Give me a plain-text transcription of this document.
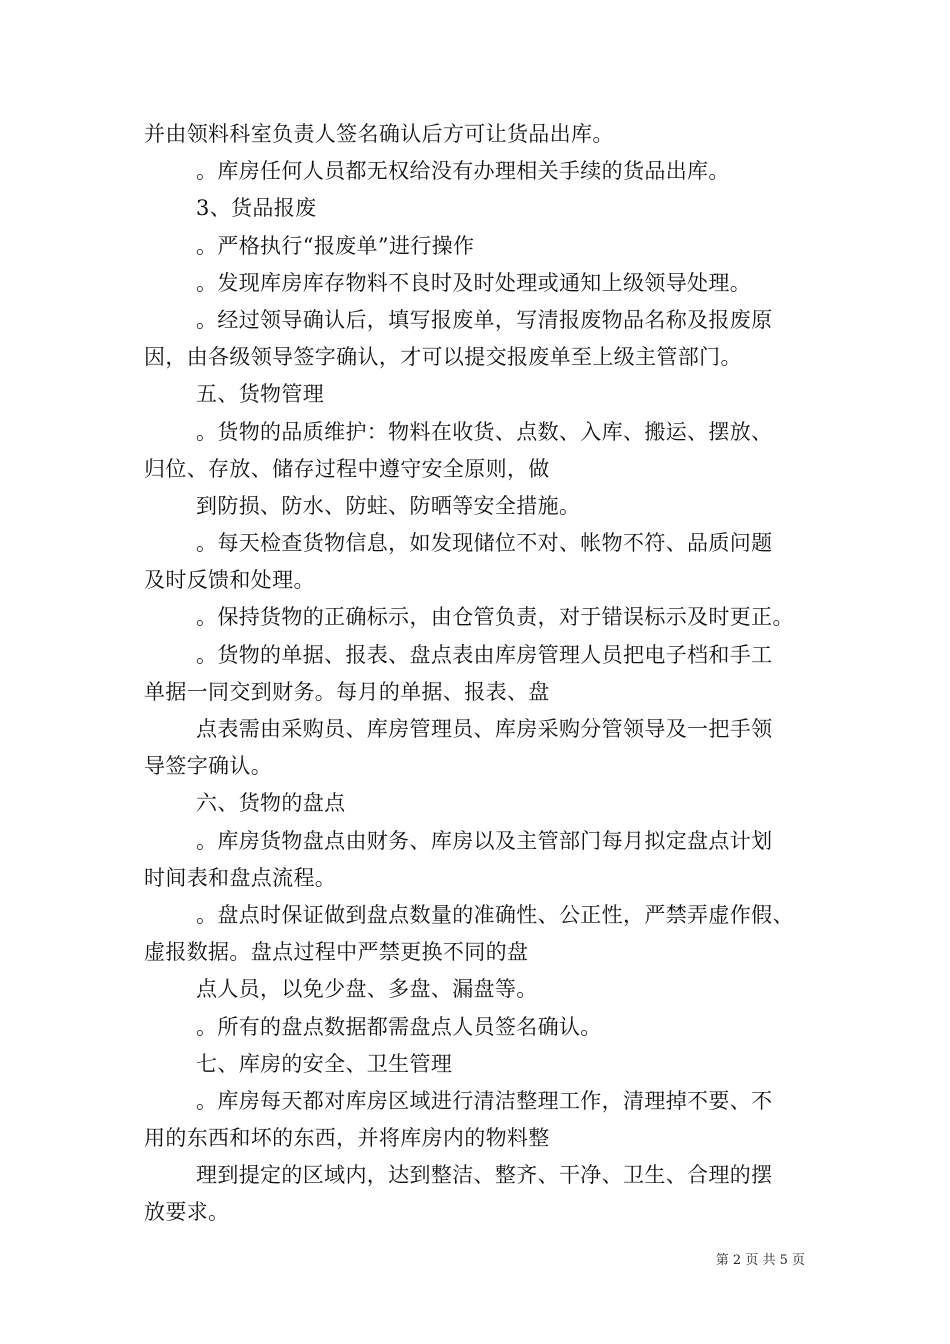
并由领料科室负责人签名确认后方可让货品出库。
。库房任何人员都无权给没有办理相关手续的货品出库。
3、货品报废
。严格执行“报废单”进行操作
。发现库房库存物料不良时及时处理或通知上级领导处理。
。经过领导确认后，填写报废单，写清报废物品名称及报废原
因，由各级领导签字确认，才可以提交报废单至上级主管部门。
五、货物管理
。货物的品质维护：物料在收货、点数、入库、搬运、摆放、
归位、存放、储存过程中遵守安全原则，做
到防损、防水、防蛀、防晒等安全措施。
。每天检查货物信息，如发现储位不对、帐物不符、品质问题
及时反馈和处理。
。保持货物的正确标示，由仓管负责，对于错误标示及时更正。
。货物的单据、报表、盘点表由库房管理人员把电子档和手工
单据一同交到财务。每月的单据、报表、盘
点表需由采购员、库房管理员、库房采购分管领导及一把手领
导签字确认。
六、货物的盘点
。库房货物盘点由财务、库房以及主管部门每月拟定盘点计划
时间表和盘点流程。
。盘点时保证做到盘点数量的准确性、公正性，严禁弄虚作假、
虚报数据。盘点过程中严禁更换不同的盘
点人员，以免少盘、多盘、漏盘等。
。所有的盘点数据都需盘点人员签名确认。
七、库房的安全、卫生管理
。库房每天都对库房区域进行清洁整理工作，清理掉不要、不
用的东西和坏的东西，并将库房内的物料整
理到提定的区域内，达到整洁、整齐、干净、卫生、合理的摆
放要求。
第 2 页 共 5 页
